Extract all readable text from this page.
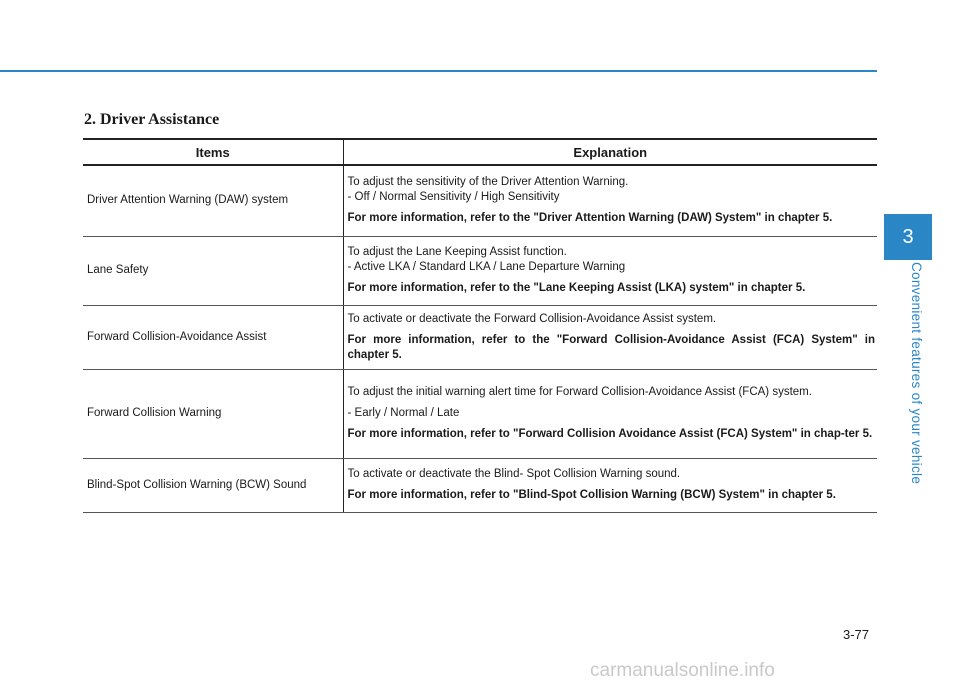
2. Driver Assistance
Items	Explanation
Driver Attention Warning (DAW) system	To adjust the sensitivity of the Driver Attention Warning.
- Off / Normal Sensitivity / High Sensitivity
For more information, refer to the "Driver Attention Warning (DAW) System" in chapter 5.

Lane Safety	To adjust the Lane Keeping Assist function.
- Active LKA / Standard LKA / Lane Departure Warning
For more information, refer to the "Lane Keeping Assist (LKA) system" in chapter 5.

Forward Collision-Avoidance Assist	To activate or deactivate the Forward Collision-Avoidance Assist system.
For more information, refer to the "Forward Collision-Avoidance Assist (FCA) System" in chapter 5.

Forward Collision Warning	To adjust the initial warning alert time for Forward Collision-Avoidance Assist (FCA) system.
- Early / Normal / Late
For more information, refer to "Forward Collision Avoidance Assist (FCA) System" in chap-ter 5.

Blind-Spot Collision Warning (BCW) Sound	To activate or deactivate the Blind- Spot Collision Warning sound.
For more information, refer to "Blind-Spot Collision Warning (BCW) System" in chapter 5.
3
Convenient features of your vehicle
3-77
carmanualsonline.info
